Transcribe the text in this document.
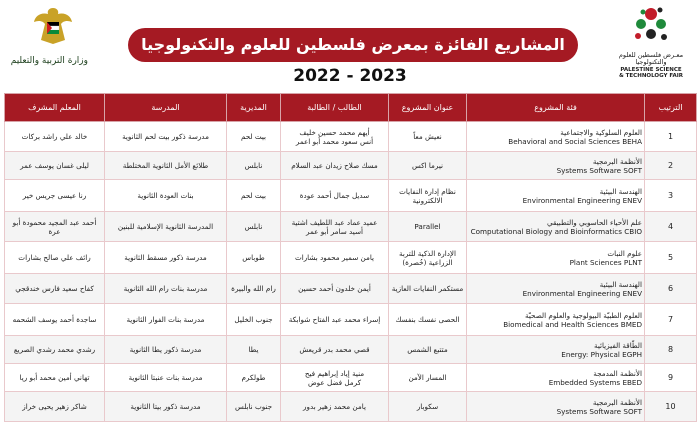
وزارة التربية والتعليم
معـرض فلسطين للعلوم والتكنولوجيا
PALESTINE SCIENCE
& TECHNOLOGY FAIR
المشاريع الفائزة بمعرض فلسطين للعلوم والتكنولوجيا
2022 - 2023
الترتيب	فئة المشروع	عنوان المشروع	الطالب / الطالبة	المديرية	المدرسة	المعلم المشرف

1	العلوم السلوكية والاجتماعية
Behavioral and Social Sciences BEHA	نعيش معاً	أيهم محمد حسين خليف
أنس سعود محمد أبو اعمر	بيت لحم	مدرسة ذكور بيت لحم الثانوية	خالد علي راشد بركات

2	الأنظمة البرمجية
Systems Software SOFT	نيرما اكس	مسك صلاح زيدان عبد السلام	نابلس	طلائع الأمل الثانوية المختلطة	ليلى غسان يوسف عمر

3	الهندسة البيئية
Environmental Engineering ENEV	نظام إدارة النفايات الالكترونية	سديل جمال أحمد عودة	بيت لحم	بنات العودة الثانوية	رنا عيسى جريس خير

4	علم الأحياء الحاسوبي والتطبيقي
Computational Biology and Bioinformatics CBIO	Parallel	عميد عماد عبد اللطيف اشتية
أسيد سامر أبو عمر	نابلس	المدرسة الثانوية الإسلامية للبنين	أحمد عبد المجيد محمودة أبو عرة

5	علوم النبات
Plant Sciences PLNT	الإدارة الذكية للتربة الزراعية (خُصرة)	يامن سمير محمود بشارات	طوباس	مدرسة ذكور مسقط الثانوية	رائف علي صالح بشارات

6	الهندسة البيئية
Environmental Engineering ENEV	مستكمر النفايات العازية	أيمن خلدون أحمد حسين	رام الله والبيرة	مدرسة بنات رام الله الثانوية	كفاح سعيد فارس خندقجي

7	العلوم الطبيّة البيولوجية والعلوم الصحيّة
Biomedical and Health Sciences BMED	الحصى نفسك بنفسك	إسراء محمد عبد الفتاح شوابكة	جنوب الخليل	مدرسة بنات الفوار الثانوية	ساجدة أحمد يوسف الشحمه

8	الطّاقة الفيزيائية
Energy: Physical EGPH	متتبع الشمس	قصي محمد بدر قريعش	يطا	مدرسة ذكور يطا الثانوية	رشدي محمد رشدي الصريع

9	الأنظمة المدمجة
Embedded Systems EBED	المسار الآمن	منية إياد إبراهيم فيح
كرمل فضل عوض	طولكرم	مدرسة بنات عنبتا الثانوية	تهاني أمين محمد أبو ريا

10	الأنظمة البرمجية
Systems Software SOFT	سكوبار	يامن محمد زهير بدور	جنوب نابلس	مدرسة ذكور بيتا الثانوية	شاكر زهير يحيى خراز
